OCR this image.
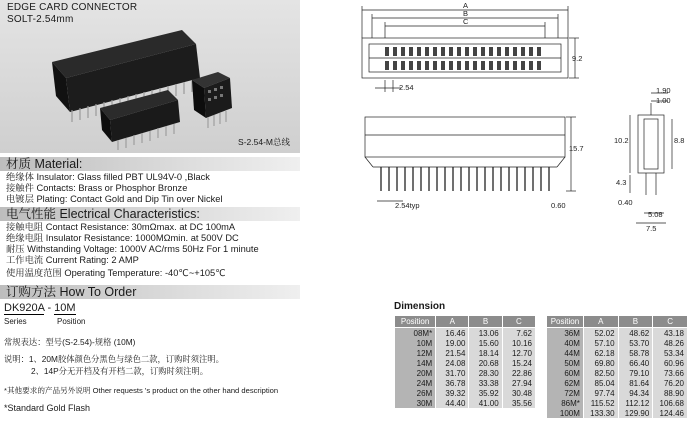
EDGE CARD CONNECTOR
SOLT-2.54mm
S-2.54-M总线
材质 Material:
绝缘体 Insulator: Glass filled PBT UL94V-0 ,Black
接触件 Contacts: Brass or Phosphor Bronze
电镀层 Plating: Contact Gold and Dip Tin over Nickel
电气性能 Electrical Characteristics:
接触电阻 Contact Resistance: 30mΩmax. at DC 100mA
绝缘电阻 Insulator Resistance: 1000MΩmin. at 500V DC
耐压 Withstanding Voltage: 1000V AC/rms 50Hz For 1 minute
工作电流 Current Rating: 2 AMP
使用温度范围 Operating Temperature: -40℃~+105℃
订购方法 How To Order
DK920A - 10M
Series	Position
常规表达：型号(S-2.54)-规格 (10M)
说明：1、20M胶体颜色分黑色与绿色二款，订购时须注明。
2、14P分无开档及有开档二款，订购时须注明。
*其他要求的产品另外说明 Other requests 's product on the other hand description
*Standard Gold Flash
A
B
C
9.2
2.54
15.7
2.54typ	0.60
1.90
1.00
10.2	8.8
4.3
0.40
5.08
7.5
Dimension
Position	A	B	C
08M*	16.46	13.06	7.62
10M	19.00	15.60	10.16
12M	21.54	18.14	12.70
14M	24.08	20.68	15.24
20M	31.70	28.30	22.86
24M	36.78	33.38	27.94
26M	39.32	35.92	30.48
30M	44.40	41.00	35.56
Position	A	B	C
36M	52.02	48.62	43.18
40M	57.10	53.70	48.26
44M	62.18	58.78	53.34
50M	69.80	66.40	60.96
60M	82.50	79.10	73.66
62M	85.04	81.64	76.20
72M	97.74	94.34	88.90
86M*	115.52	112.12	106.68
100M	133.30	129.90	124.46
